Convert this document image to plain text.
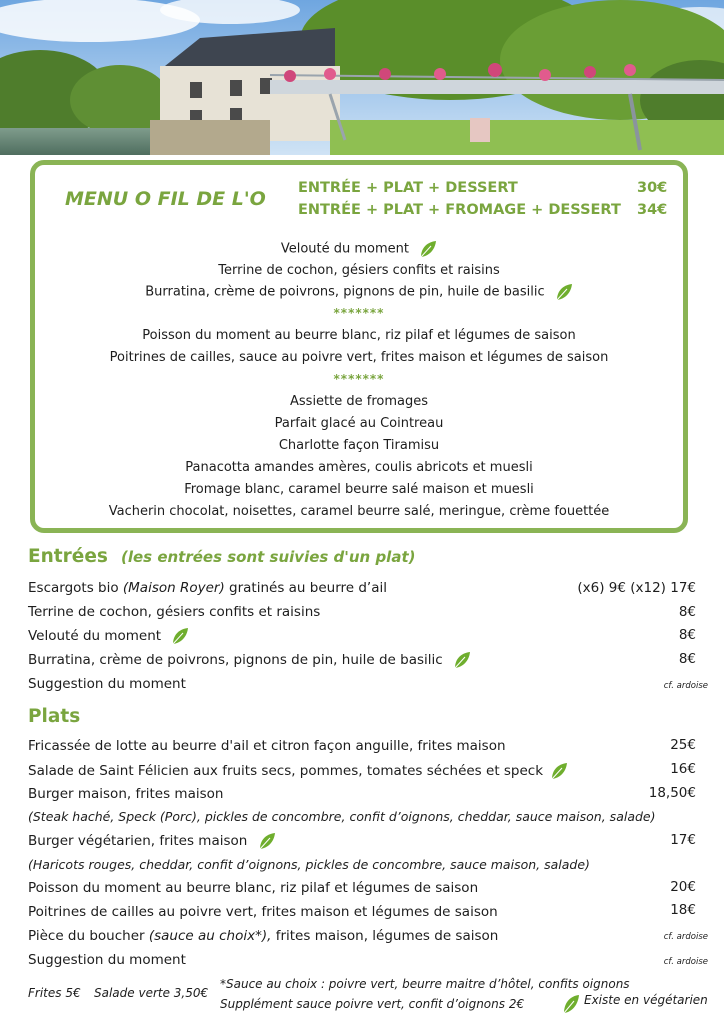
MENU O FIL DE L'O ENTRÉE + PLAT + DESSERT	30€
ENTRÉE + PLAT + FROMAGE + DESSERT 34€
Velouté du moment
Terrine de cochon, gésiers confits et raisins
Burratina, crème de poivrons, pignons de pin, huile de basilic
*******
Poisson du moment au beurre blanc, riz pilaf et légumes de saison
Poitrines de cailles, sauce au poivre vert, frites maison et légumes de saison
*******
Assiette de fromages
Parfait glacé au Cointreau
Charlotte façon Tiramisu
Panacotta amandes amères, coulis abricots et muesli
Fromage blanc, caramel beurre salé maison et muesli
Vacherin chocolat, noisettes, caramel beurre salé, meringue, crème fouettée
Entrées (les entrées sont suivies d'un plat)
Escargots bio (Maison Royer) gratinés au beurre d’ail	(x6) 9€ (x12) 17€
Terrine de cochon, gésiers confits et raisins	8€
Velouté du moment	8€
Burratina, crème de poivrons, pignons de pin, huile de basilic	8€
Suggestion du moment	cf. ardoise
Plats
Fricassée de lotte au beurre d'ail et citron façon anguille, frites maison	25€
Salade de Saint Félicien aux fruits secs, pommes, tomates séchées et speck	16€
Burger maison, frites maison	18,50€
(Steak haché, Speck (Porc), pickles de concombre, confit d’oignons, cheddar, sauce maison, salade)
Burger végétarien, frites maison	17€
(Haricots rouges, cheddar, confit d’oignons, pickles de concombre, sauce maison, salade)
Poisson du moment au beurre blanc, riz pilaf et légumes de saison	20€
Poitrines de cailles au poivre vert, frites maison et légumes de saison	18€
Pièce du boucher (sauce au choix*), frites maison, légumes de saison	cf. ardoise
Suggestion du moment	cf. ardoise
Frites 5€ Salade verte 3,50€
*Sauce au choix : poivre vert, beurre maitre d’hôtel, confits oignons
Supplément sauce poivre vert, confit d’oignons 2€	Existe en végétarien
